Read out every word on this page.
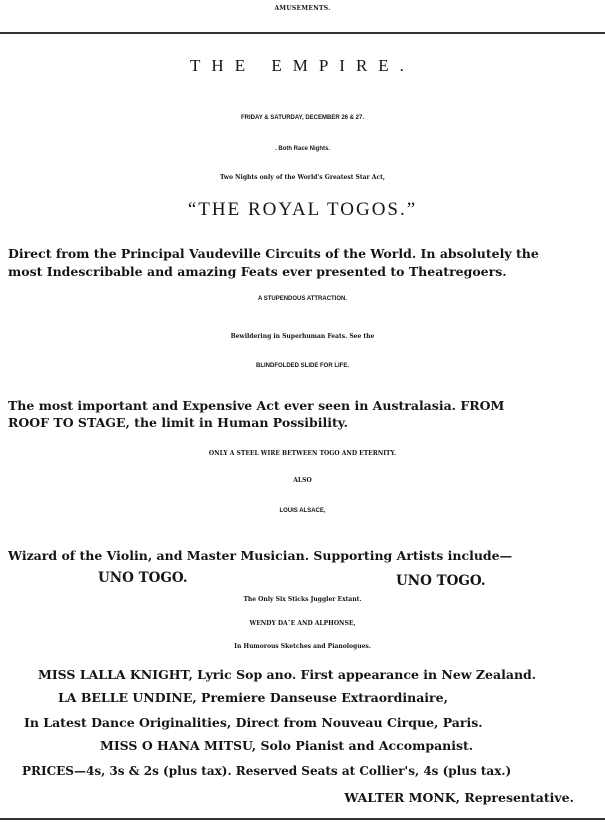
AMUSEMENTS.
THE EMPIRE.
FRIDAY & SATURDAY, DECEMBER 26 & 27.
. Both Race Nights.
Two Nights only of the World's Greatest Star Act,
“THE ROYAL TOGOS.”
Direct from the Principal Vaudeville Circuits of the World. In absolutely the
most Indescribable and amazing Feats ever presented to Theatregoers.
A STUPENDOUS ATTRACTION.
Bewildering in Superhuman Feats. See the
BLINDFOLDED SLIDE FOR LIFE.
The most important and Expensive Act ever seen in Australasia. FROM
ROOF TO STAGE, the limit in Human Possibility.
ONLY A STEEL WIRE BETWEEN TOGO AND ETERNITY.
ALSO
LOUIS ALSACE,
Wizard of the Violin, and Master Musician. Supporting Artists include—
UNO TOGO.	UNO TOGO.
The Only Six Sticks Juggler Extant.
WENDY DAˆE AND ALPHONSE,
In Humorous Sketches and Pianologues.
MISS LALLA KNIGHT, Lyric Sop ano. First appearance in New Zealand.
LA BELLE UNDINE, Premiere Danseuse Extraordinaire,
In Latest Dance Originalities, Direct from Nouveau Cirque, Paris.
MISS O HANA MITSU, Solo Pianist and Accompanist.
PRICES—4s, 3s & 2s (plus tax). Reserved Seats at Collier's, 4s (plus tax.)
WALTER MONK, Representative.
